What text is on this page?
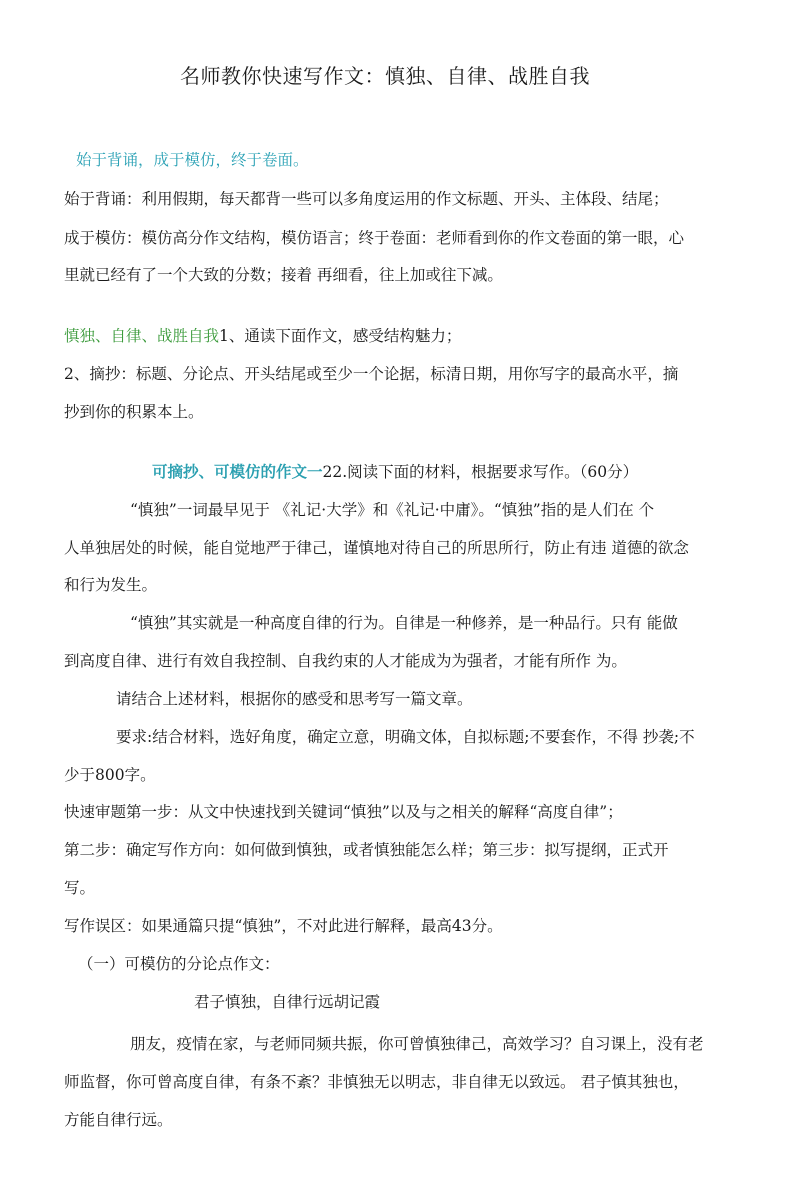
名师教你快速写作文：慎独、自律、战胜自我

始于背诵，成于模仿，终于卷面。

始于背诵：利用假期，每天都背一些可以多角度运用的作文标题、开头、主体段、结尾；

成于模仿：模仿高分作文结构，模仿语言；终于卷面：老师看到你的作文卷面的第一眼，心

里就已经有了一个大致的分数；接着 再细看，往上加或往下减。

慎独、自律、战胜自我1、通读下面作文，感受结构魅力；

2、摘抄：标题、分论点、开头结尾或至少一个论据，标清日期，用你写字的最高水平，摘

抄到你的积累本上。

可摘抄、可模仿的作文一22.阅读下面的材料，根据要求写作。（60分）

“慎独”一词最早见于 《礼记·大学》和《礼记·中庸》。“慎独”指的是人们在 个

人单独居处的时候，能自觉地严于律己，谨慎地对待自己的所思所行，防止有违 道德的欲念

和行为发生。

“慎独”其实就是一种高度自律的行为。自律是一种修养，是一种品行。只有 能做

到高度自律、进行有效自我控制、自我约束的人才能成为为强者，才能有所作 为。

请结合上述材料，根据你的感受和思考写一篇文章。

要求:结合材料，选好角度，确定立意，明确文体，自拟标题;不要套作，不得 抄袭;不

少于800字。

快速审题第一步：从文中快速找到关键词“慎独”以及与之相关的解释“高度自律”；

第二步：确定写作方向：如何做到慎独，或者慎独能怎么样；第三步：拟写提纲，正式开

写。

写作误区：如果通篇只提“慎独”，不对此进行解释，最高43分。

（一）可模仿的分论点作文：

君子慎独，自律行远胡记霞

朋友，疫情在家，与老师同频共振，你可曾慎独律己，高效学习？自习课上，没有老

师监督，你可曾高度自律，有条不紊？非慎独无以明志，非自律无以致远。 君子慎其独也，

方能自律行远。
